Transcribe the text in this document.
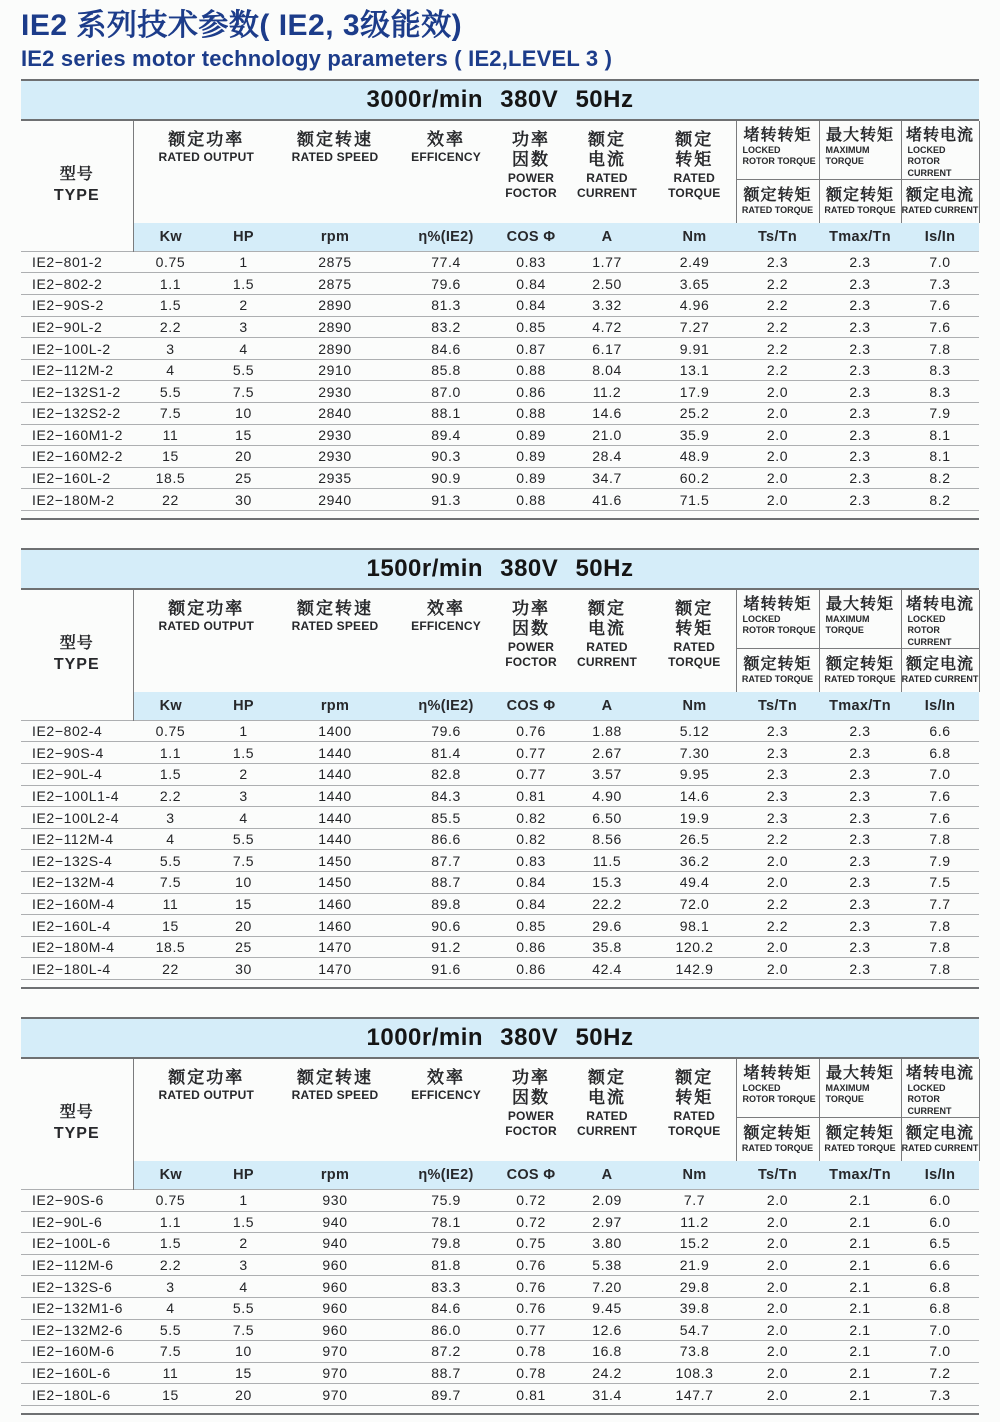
IE2 系列技术参数( IE2, 3级能效)
IE2 series motor technology parameters ( IE2,LEVEL 3 )
3000r/min 380V 50Hz
型号
TYPE

额定功率
RATED OUTPUT

额定转速
RATED SPEED

效率
EFFICENCY

功率
因数
POWER
FOCTOR

额定
电流
RATED
CURRENT

额定
转矩
RATED
TORQUE

堵转转矩
LOCKED
ROTOR TORQUE

最大转矩
MAXIMUM
TORQUE

堵转电流
LOCKED
ROTOR CURRENT

额定转矩
RATED TORQUE

额定转矩
RATED TORQUE

额定电流
RATED CURRENT

	Kw	HP	rpm	η%(IE2)	COS Φ	A	Nm	Ts/Tn	Tmax/Tn	Is/In
IE2−801-2	0.75	1	2875	77.4	0.83	1.77	2.49	2.3	2.3	7.0
IE2−802-2	1.1	1.5	2875	79.6	0.84	2.50	3.65	2.2	2.3	7.3
IE2−90S-2	1.5	2	2890	81.3	0.84	3.32	4.96	2.2	2.3	7.6
IE2−90L-2	2.2	3	2890	83.2	0.85	4.72	7.27	2.2	2.3	7.6
IE2−100L-2	3	4	2890	84.6	0.87	6.17	9.91	2.2	2.3	7.8
IE2−112M-2	4	5.5	2910	85.8	0.88	8.04	13.1	2.2	2.3	8.3
IE2−132S1-2	5.5	7.5	2930	87.0	0.86	11.2	17.9	2.0	2.3	8.3
IE2−132S2-2	7.5	10	2840	88.1	0.88	14.6	25.2	2.0	2.3	7.9
IE2−160M1-2	11	15	2930	89.4	0.89	21.0	35.9	2.0	2.3	8.1
IE2−160M2-2	15	20	2930	90.3	0.89	28.4	48.9	2.0	2.3	8.1
IE2−160L-2	18.5	25	2935	90.9	0.89	34.7	60.2	2.0	2.3	8.2
IE2−180M-2	22	30	2940	91.3	0.88	41.6	71.5	2.0	2.3	8.2
1500r/min 380V 50Hz
型号
TYPE

额定功率
RATED OUTPUT

额定转速
RATED SPEED

效率
EFFICENCY

功率
因数
POWER
FOCTOR

额定
电流
RATED
CURRENT

额定
转矩
RATED
TORQUE

堵转转矩
LOCKED
ROTOR TORQUE

最大转矩
MAXIMUM
TORQUE

堵转电流
LOCKED
ROTOR CURRENT

额定转矩
RATED TORQUE

额定转矩
RATED TORQUE

额定电流
RATED CURRENT

	Kw	HP	rpm	η%(IE2)	COS Φ	A	Nm	Ts/Tn	Tmax/Tn	Is/In
IE2−802-4	0.75	1	1400	79.6	0.76	1.88	5.12	2.3	2.3	6.6
IE2−90S-4	1.1	1.5	1440	81.4	0.77	2.67	7.30	2.3	2.3	6.8
IE2−90L-4	1.5	2	1440	82.8	0.77	3.57	9.95	2.3	2.3	7.0
IE2−100L1-4	2.2	3	1440	84.3	0.81	4.90	14.6	2.3	2.3	7.6
IE2−100L2-4	3	4	1440	85.5	0.82	6.50	19.9	2.3	2.3	7.6
IE2−112M-4	4	5.5	1440	86.6	0.82	8.56	26.5	2.2	2.3	7.8
IE2−132S-4	5.5	7.5	1450	87.7	0.83	11.5	36.2	2.0	2.3	7.9
IE2−132M-4	7.5	10	1450	88.7	0.84	15.3	49.4	2.0	2.3	7.5
IE2−160M-4	11	15	1460	89.8	0.84	22.2	72.0	2.2	2.3	7.7
IE2−160L-4	15	20	1460	90.6	0.85	29.6	98.1	2.2	2.3	7.8
IE2−180M-4	18.5	25	1470	91.2	0.86	35.8	120.2	2.0	2.3	7.8
IE2−180L-4	22	30	1470	91.6	0.86	42.4	142.9	2.0	2.3	7.8
1000r/min 380V 50Hz
型号
TYPE

额定功率
RATED OUTPUT

额定转速
RATED SPEED

效率
EFFICENCY

功率
因数
POWER
FOCTOR

额定
电流
RATED
CURRENT

额定
转矩
RATED
TORQUE

堵转转矩
LOCKED
ROTOR TORQUE

最大转矩
MAXIMUM
TORQUE

堵转电流
LOCKED
ROTOR CURRENT

额定转矩
RATED TORQUE

额定转矩
RATED TORQUE

额定电流
RATED CURRENT

	Kw	HP	rpm	η%(IE2)	COS Φ	A	Nm	Ts/Tn	Tmax/Tn	Is/In
IE2−90S-6	0.75	1	930	75.9	0.72	2.09	7.7	2.0	2.1	6.0
IE2−90L-6	1.1	1.5	940	78.1	0.72	2.97	11.2	2.0	2.1	6.0
IE2−100L-6	1.5	2	940	79.8	0.75	3.80	15.2	2.0	2.1	6.5
IE2−112M-6	2.2	3	960	81.8	0.76	5.38	21.9	2.0	2.1	6.6
IE2−132S-6	3	4	960	83.3	0.76	7.20	29.8	2.0	2.1	6.8
IE2−132M1-6	4	5.5	960	84.6	0.76	9.45	39.8	2.0	2.1	6.8
IE2−132M2-6	5.5	7.5	960	86.0	0.77	12.6	54.7	2.0	2.1	7.0
IE2−160M-6	7.5	10	970	87.2	0.78	16.8	73.8	2.0	2.1	7.0
IE2−160L-6	11	15	970	88.7	0.78	24.2	108.3	2.0	2.1	7.2
IE2−180L-6	15	20	970	89.7	0.81	31.4	147.7	2.0	2.1	7.3
